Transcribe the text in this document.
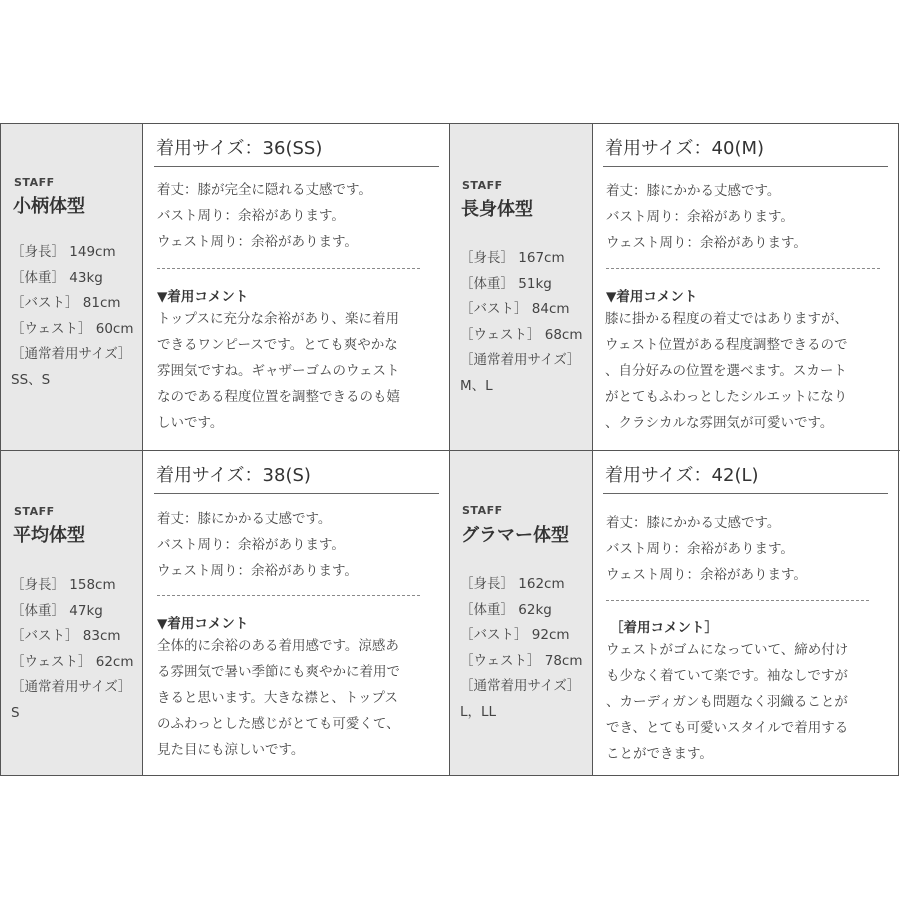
STAFF
小柄体型
［身長］ 149cm
［体重］ 43kg
［バスト］ 81cm
［ウェスト］ 60cm
［通常着用サイズ］
SS、S
着用サイズ：36(SS)
着丈：膝が完全に隠れる丈感です。
バスト周り：余裕があります。
ウェスト周り：余裕があります。
▼着用コメント
トップスに充分な余裕があり、楽に着用
できるワンピースです。とても爽やかな
雰囲気ですね。ギャザーゴムのウェスト
なのである程度位置を調整できるのも嬉
しいです。
STAFF
長身体型
［身長］ 167cm
［体重］ 51kg
［バスト］ 84cm
［ウェスト］ 68cm
［通常着用サイズ］
M、L
着用サイズ：40(M)
着丈：膝にかかる丈感です。
バスト周り：余裕があります。
ウェスト周り：余裕があります。
▼着用コメント
膝に掛かる程度の着丈ではありますが、
ウェスト位置がある程度調整できるので
、自分好みの位置を選べます。スカート
がとてもふわっとしたシルエットになり
、クラシカルな雰囲気が可愛いです。
STAFF
平均体型
［身長］ 158cm
［体重］ 47kg
［バスト］ 83cm
［ウェスト］ 62cm
［通常着用サイズ］
S
着用サイズ：38(S)
着丈：膝にかかる丈感です。
バスト周り：余裕があります。
ウェスト周り：余裕があります。
▼着用コメント
全体的に余裕のある着用感です。涼感あ
る雰囲気で暑い季節にも爽やかに着用で
きると思います。大きな襟と、トップス
のふわっとした感じがとても可愛くて、
見た目にも涼しいです。
STAFF
グラマー体型
［身長］ 162cm
［体重］ 62kg
［バスト］ 92cm
［ウェスト］ 78cm
［通常着用サイズ］
L，LL
着用サイズ：42(L)
着丈：膝にかかる丈感です。
バスト周り：余裕があります。
ウェスト周り：余裕があります。
［着用コメント］
ウェストがゴムになっていて、締め付け
も少なく着ていて楽です。袖なしですが
、カーディガンも問題なく羽織ることが
でき、とても可愛いスタイルで着用する
ことができます。
